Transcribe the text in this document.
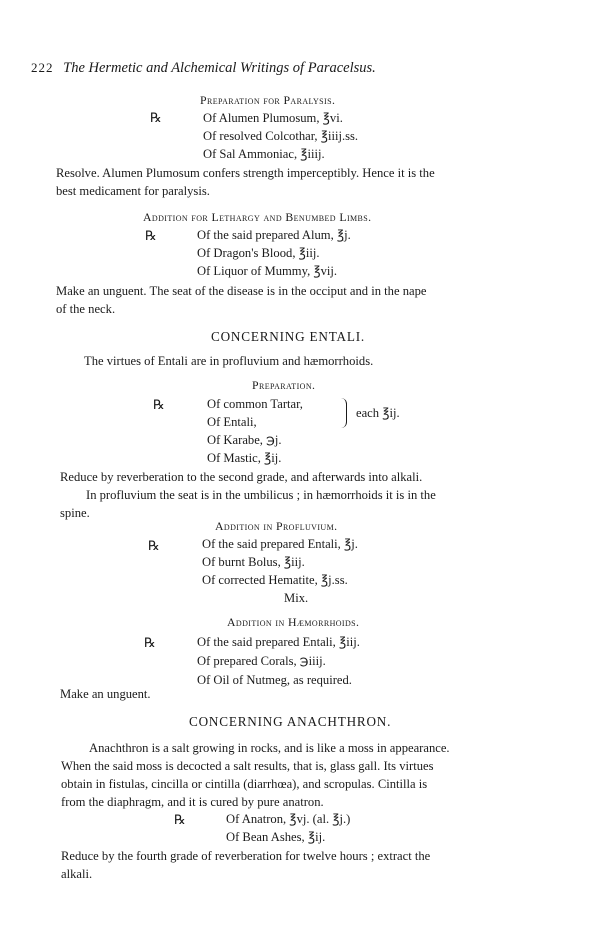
222 The Hermetic and Alchemical Writings of Paracelsus.
Preparation for Paralysis.
℞	Of Alumen Plumosum, ℥vi.
Of resolved Colcothar, ℥iiij.ss.
Of Sal Ammoniac, ℥iiij.
Resolve. Alumen Plumosum confers strength imperceptibly. Hence it is the
best medicament for paralysis.
Addition for Lethargy and Benumbed Limbs.
℞	Of the said prepared Alum, ℥j.
Of Dragon's Blood, ℥iij.
Of Liquor of Mummy, ℥vij.
Make an unguent. The seat of the disease is in the occiput and in the nape
of the neck.
CONCERNING ENTALI.
The virtues of Entali are in profluvium and hæmorrhoids.
Preparation.
℞	Of common Tartar,
Of Entali,
each ℥ij.
Of Karabe, ℈j.
Of Mastic, ℥ij.
Reduce by reverberation to the second grade, and afterwards into alkali.
In profluvium the seat is in the umbilicus ; in hæmorrhoids it is in the
spine.
Addition in Profluvium.
℞	Of the said prepared Entali, ℥j.
Of burnt Bolus, ℥iij.
Of corrected Hematite, ℥j.ss.
Mix.
Addition in Hæmorrhoids.
℞	Of the said prepared Entali, ℥iij.
Of prepared Corals, ℈iiij.
Of Oil of Nutmeg, as required.
Make an unguent.
CONCERNING ANACHTHRON.
Anachthron is a salt growing in rocks, and is like a moss in appearance.
When the said moss is decocted a salt results, that is, glass gall. Its virtues
obtain in fistulas, cincilla or cintilla (diarrhœa), and scropulas. Cintilla is
from the diaphragm, and it is cured by pure anatron.
℞	Of Anatron, ℥vj. (al. ℥j.)
Of Bean Ashes, ℥ij.
Reduce by the fourth grade of reverberation for twelve hours ; extract the
alkali.
